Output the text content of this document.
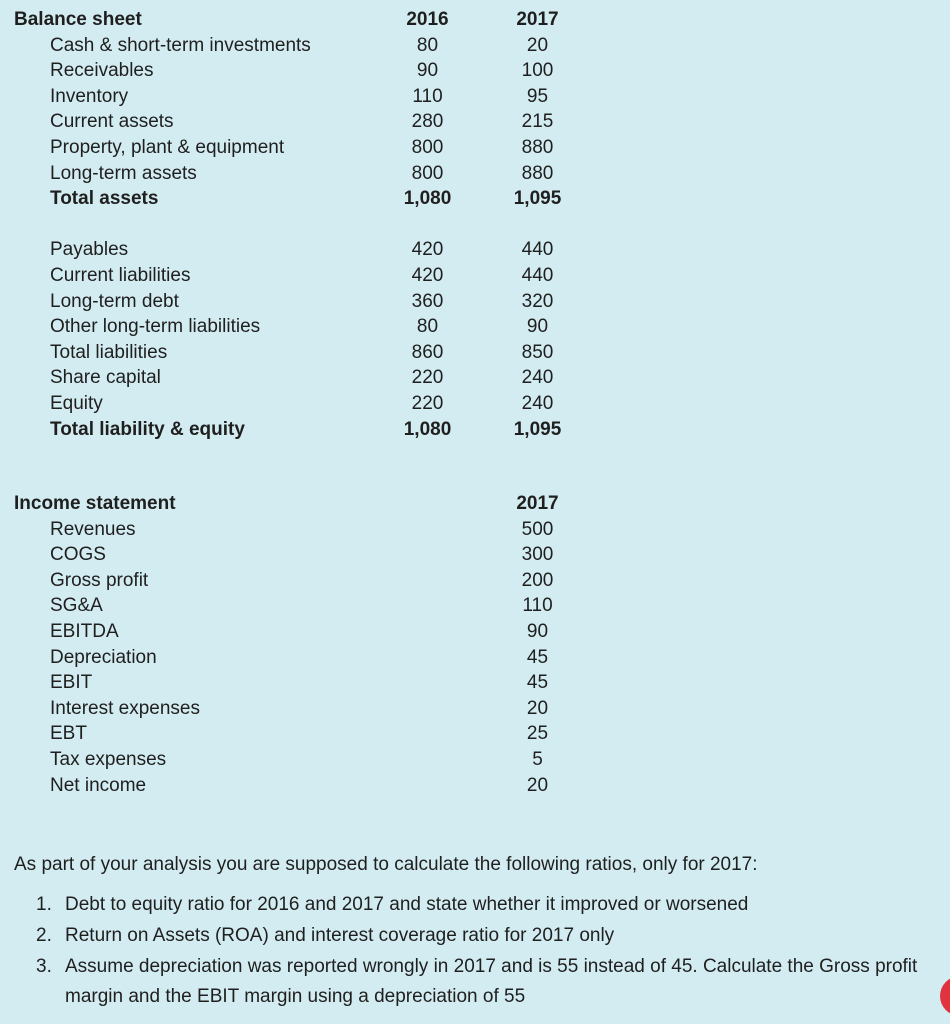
Balance sheet	2016	2017
Cash & short-term investments	80	20
Receivables	90	100
Inventory	110	95
Current assets	280	215
Property, plant & equipment	800	880
Long-term assets	800	880
Total assets	1,080	1,095
Payables	420	440
Current liabilities	420	440
Long-term debt	360	320
Other long-term liabilities	80	90
Total liabilities	860	850
Share capital	220	240
Equity	220	240
Total liability & equity	1,080	1,095
Income statement	2017
Revenues	500
COGS	300
Gross profit	200
SG&A	110
EBITDA	90
Depreciation	45
EBIT	45
Interest expenses	20
EBT	25
Tax expenses	5
Net income	20

As part of your analysis you are supposed to calculate the following ratios, only for 2017:

1. Debt to equity ratio for 2016 and 2017 and state whether it improved or worsened
2. Return on Assets (ROA) and interest coverage ratio for 2017 only
3. Assume depreciation was reported wrongly in 2017 and is 55 instead of 45. Calculate the Gross profit margin and the EBIT margin using a depreciation of 55
